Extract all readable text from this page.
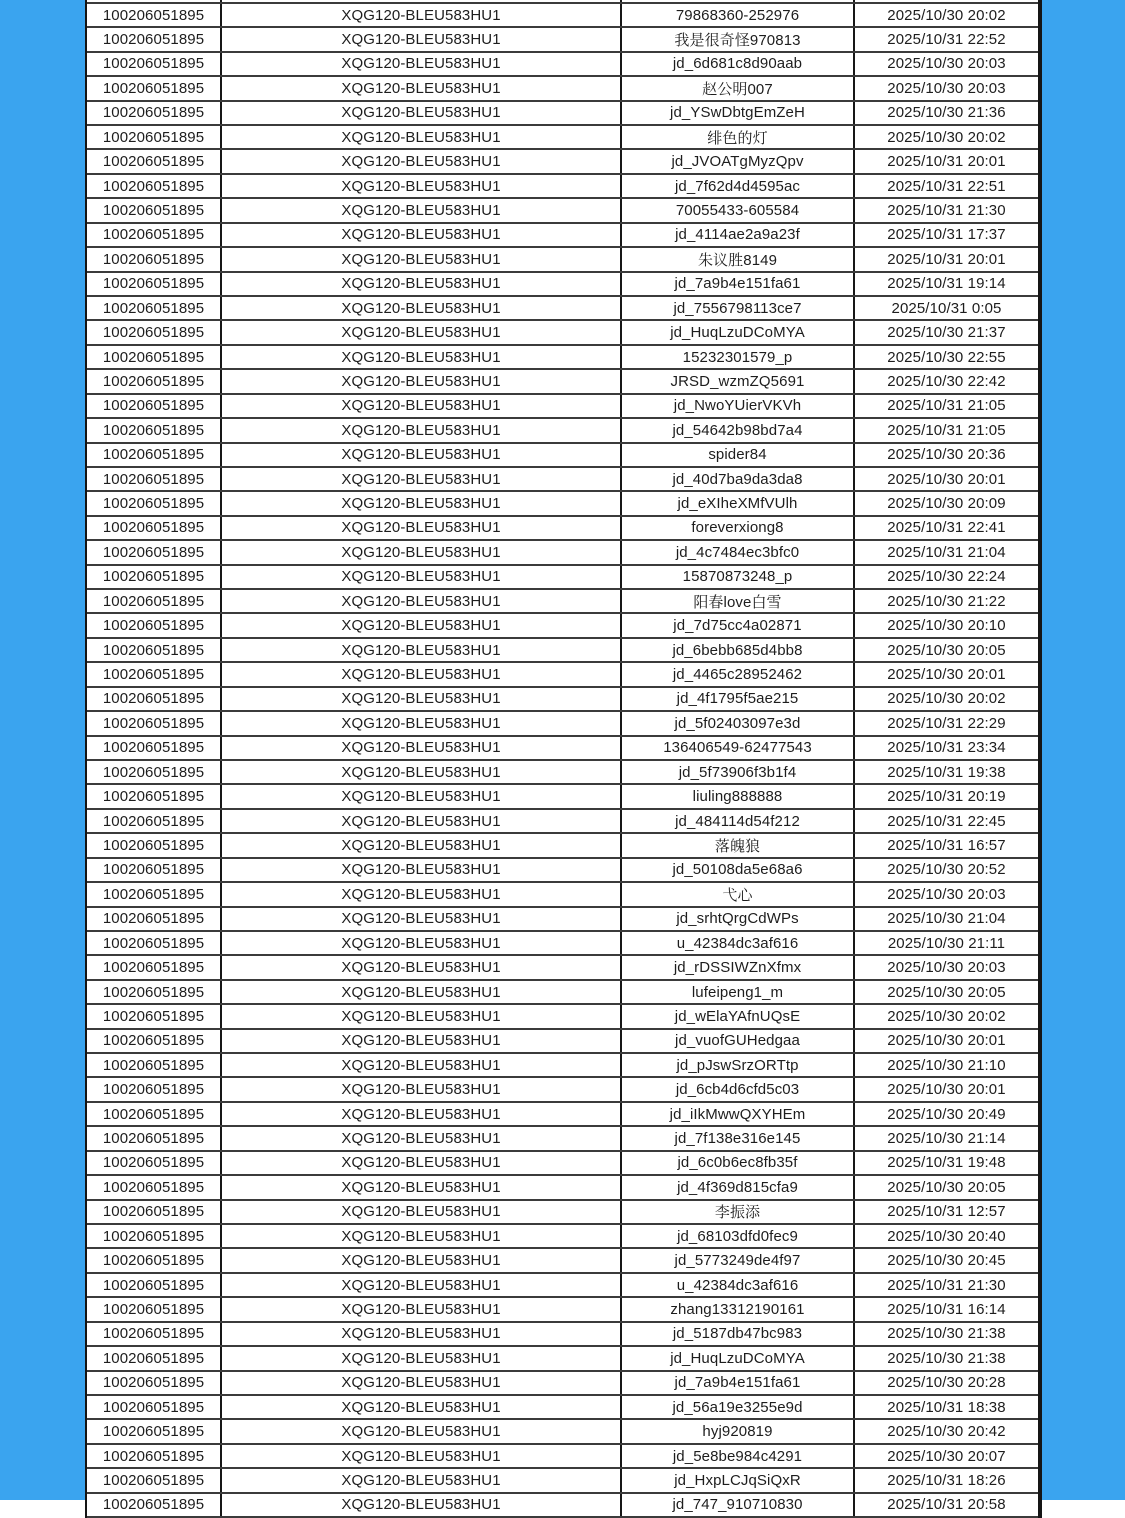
100206051895	XQG120-BLEU583HU1	79868360-252976	2025/10/30 20:02
100206051895	XQG120-BLEU583HU1	我是很奇怪970813	2025/10/31 22:52
100206051895	XQG120-BLEU583HU1	jd_6d681c8d90aab	2025/10/30 20:03
100206051895	XQG120-BLEU583HU1	赵公明007	2025/10/30 20:03
100206051895	XQG120-BLEU583HU1	jd_YSwDbtgEmZeH	2025/10/30 21:36
100206051895	XQG120-BLEU583HU1	绯色的灯	2025/10/30 20:02
100206051895	XQG120-BLEU583HU1	jd_JVOATgMyzQpv	2025/10/31 20:01
100206051895	XQG120-BLEU583HU1	jd_7f62d4d4595ac	2025/10/31 22:51
100206051895	XQG120-BLEU583HU1	70055433-605584	2025/10/31 21:30
100206051895	XQG120-BLEU583HU1	jd_4114ae2a9a23f	2025/10/31 17:37
100206051895	XQG120-BLEU583HU1	朱议胜8149	2025/10/31 20:01
100206051895	XQG120-BLEU583HU1	jd_7a9b4e151fa61	2025/10/31 19:14
100206051895	XQG120-BLEU583HU1	jd_7556798113ce7	2025/10/31 0:05
100206051895	XQG120-BLEU583HU1	jd_HuqLzuDCoMYA	2025/10/30 21:37
100206051895	XQG120-BLEU583HU1	15232301579_p	2025/10/30 22:55
100206051895	XQG120-BLEU583HU1	JRSD_wzmZQ5691	2025/10/30 22:42
100206051895	XQG120-BLEU583HU1	jd_NwoYUierVKVh	2025/10/31 21:05
100206051895	XQG120-BLEU583HU1	jd_54642b98bd7a4	2025/10/31 21:05
100206051895	XQG120-BLEU583HU1	spider84	2025/10/30 20:36
100206051895	XQG120-BLEU583HU1	jd_40d7ba9da3da8	2025/10/30 20:01
100206051895	XQG120-BLEU583HU1	jd_eXIheXMfVUlh	2025/10/30 20:09
100206051895	XQG120-BLEU583HU1	foreverxiong8	2025/10/31 22:41
100206051895	XQG120-BLEU583HU1	jd_4c7484ec3bfc0	2025/10/31 21:04
100206051895	XQG120-BLEU583HU1	15870873248_p	2025/10/30 22:24
100206051895	XQG120-BLEU583HU1	阳春love白雪	2025/10/30 21:22
100206051895	XQG120-BLEU583HU1	jd_7d75cc4a02871	2025/10/30 20:10
100206051895	XQG120-BLEU583HU1	jd_6bebb685d4bb8	2025/10/30 20:05
100206051895	XQG120-BLEU583HU1	jd_4465c28952462	2025/10/30 20:01
100206051895	XQG120-BLEU583HU1	jd_4f1795f5ae215	2025/10/30 20:02
100206051895	XQG120-BLEU583HU1	jd_5f02403097e3d	2025/10/31 22:29
100206051895	XQG120-BLEU583HU1	136406549-62477543	2025/10/31 23:34
100206051895	XQG120-BLEU583HU1	jd_5f73906f3b1f4	2025/10/31 19:38
100206051895	XQG120-BLEU583HU1	liuling888888	2025/10/31 20:19
100206051895	XQG120-BLEU583HU1	jd_484114d54f212	2025/10/31 22:45
100206051895	XQG120-BLEU583HU1	落魄狼	2025/10/31 16:57
100206051895	XQG120-BLEU583HU1	jd_50108da5e68a6	2025/10/30 20:52
100206051895	XQG120-BLEU583HU1	弋心	2025/10/30 20:03
100206051895	XQG120-BLEU583HU1	jd_srhtQrgCdWPs	2025/10/30 21:04
100206051895	XQG120-BLEU583HU1	u_42384dc3af616	2025/10/30 21:11
100206051895	XQG120-BLEU583HU1	jd_rDSSIWZnXfmx	2025/10/30 20:03
100206051895	XQG120-BLEU583HU1	lufeipeng1_m	2025/10/30 20:05
100206051895	XQG120-BLEU583HU1	jd_wElaYAfnUQsE	2025/10/30 20:02
100206051895	XQG120-BLEU583HU1	jd_vuofGUHedgaa	2025/10/30 20:01
100206051895	XQG120-BLEU583HU1	jd_pJswSrzORTtp	2025/10/30 21:10
100206051895	XQG120-BLEU583HU1	jd_6cb4d6cfd5c03	2025/10/30 20:01
100206051895	XQG120-BLEU583HU1	jd_iIkMwwQXYHEm	2025/10/30 20:49
100206051895	XQG120-BLEU583HU1	jd_7f138e316e145	2025/10/30 21:14
100206051895	XQG120-BLEU583HU1	jd_6c0b6ec8fb35f	2025/10/31 19:48
100206051895	XQG120-BLEU583HU1	jd_4f369d815cfa9	2025/10/30 20:05
100206051895	XQG120-BLEU583HU1	李振添	2025/10/31 12:57
100206051895	XQG120-BLEU583HU1	jd_68103dfd0fec9	2025/10/30 20:40
100206051895	XQG120-BLEU583HU1	jd_5773249de4f97	2025/10/30 20:45
100206051895	XQG120-BLEU583HU1	u_42384dc3af616	2025/10/31 21:30
100206051895	XQG120-BLEU583HU1	zhang13312190161	2025/10/31 16:14
100206051895	XQG120-BLEU583HU1	jd_5187db47bc983	2025/10/30 21:38
100206051895	XQG120-BLEU583HU1	jd_HuqLzuDCoMYA	2025/10/30 21:38
100206051895	XQG120-BLEU583HU1	jd_7a9b4e151fa61	2025/10/30 20:28
100206051895	XQG120-BLEU583HU1	jd_56a19e3255e9d	2025/10/31 18:38
100206051895	XQG120-BLEU583HU1	hyj920819	2025/10/30 20:42
100206051895	XQG120-BLEU583HU1	jd_5e8be984c4291	2025/10/30 20:07
100206051895	XQG120-BLEU583HU1	jd_HxpLCJqSiQxR	2025/10/31 18:26
100206051895	XQG120-BLEU583HU1	jd_747_910710830	2025/10/31 20:58
